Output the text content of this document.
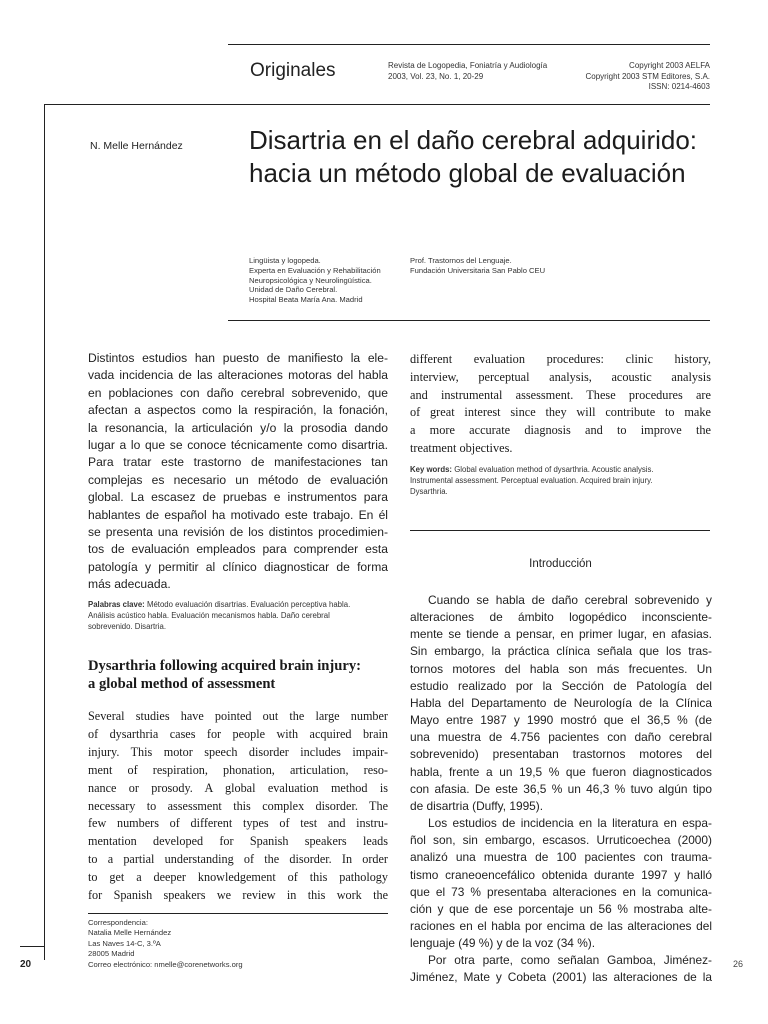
Originales	Revista de Logopedia, Foniatría y Audiología
2003, Vol. 23, No. 1, 20-29
Copyright 2003 AELFA
Copyright 2003 STM Editores, S.A.
ISSN: 0214-4603
N. Melle Hernández	Disartria en el daño cerebral adquirido:
hacia un método global de evaluación
Lingüista y logopeda.
Experta en Evaluación y Rehabilitación
Neuropsicológica y Neurolingüística.
Unidad de Daño Cerebral.
Hospital Beata María Ana. Madrid
Prof. Trastornos del Lenguaje.
Fundación Universitaria San Pablo CEU
Distintos estudios han puesto de manifiesto la ele-
vada incidencia de las alteraciones motoras del habla
en poblaciones con daño cerebral sobrevenido, que
afectan a aspectos como la respiración, la fonación,
la resonancia, la articulación y/o la prosodia dando
lugar a lo que se conoce técnicamente como disartria.
Para tratar este trastorno de manifestaciones tan
complejas es necesario un método de evaluación
global. La escasez de pruebas e instrumentos para
hablantes de español ha motivado este trabajo. En él
se presenta una revisión de los distintos procedimien-
tos de evaluación empleados para comprender esta
patología y permitir al clínico diagnosticar de forma
más adecuada.
Palabras clave: Método evaluación disartrias. Evaluación perceptiva habla.
Análisis acústico habla. Evaluación mecanismos habla. Daño cerebral
sobrevenido. Disartria.
Dysarthria following acquired brain injury:
a global method of assessment
Several studies have pointed out the large number
of dysarthria cases for people with acquired brain
injury. This motor speech disorder includes impair-
ment of respiration, phonation, articulation, reso-
nance or prosody. A global evaluation method is
necessary to assessment this complex disorder. The
few numbers of different types of test and instru-
mentation developed for Spanish speakers leads
to a partial understanding of the disorder. In order
to get a deeper knowledgement of this pathology
for Spanish speakers we review in this work the
different evaluation procedures: clinic history,
interview, perceptual analysis, acoustic analysis
and instrumental assessment. These procedures are
of great interest since they will contribute to make
a more accurate diagnosis and to improve the
treatment objectives.
Key words: Global evaluation method of dysarthria. Acoustic analysis.
Instrumental assessment. Perceptual evaluation. Acquired brain injury.
Dysarthria.
Introducción
Cuando se habla de daño cerebral sobrevenido y
alteraciones de ámbito logopédico inconsciente-
mente se tiende a pensar, en primer lugar, en afasias.
Sin embargo, la práctica clínica señala que los tras-
tornos motores del habla son más frecuentes. Un
estudio realizado por la Sección de Patología del
Habla del Departamento de Neurología de la Clínica
Mayo entre 1987 y 1990 mostró que el 36,5 % (de
una muestra de 4.756 pacientes con daño cerebral
sobrevenido) presentaban trastornos motores del
habla, frente a un 19,5 % que fueron diagnosticados
con afasia. De este 36,5 % un 46,3 % tuvo algún tipo
de disartria (Duffy, 1995).
Los estudios de incidencia en la literatura en espa-
ñol son, sin embargo, escasos. Urruticoechea (2000)
analizó una muestra de 100 pacientes con trauma-
tismo craneoencefálico obtenida durante 1997 y halló
que el 73 % presentaba alteraciones en la comunica-
ción y que de ese porcentaje un 56 % mostraba alte-
raciones en el habla por encima de las alteraciones del
lenguaje (49 %) y de la voz (34 %).
Por otra parte, como señalan Gamboa, Jiménez-
Jiménez, Mate y Cobeta (2001) las alteraciones de la
Correspondencia:
Natalia Melle Hernández
Las Naves 14-C, 3.ºA
28005 Madrid
Correo electrónico: nmelle@corenetworks.org
20	26
